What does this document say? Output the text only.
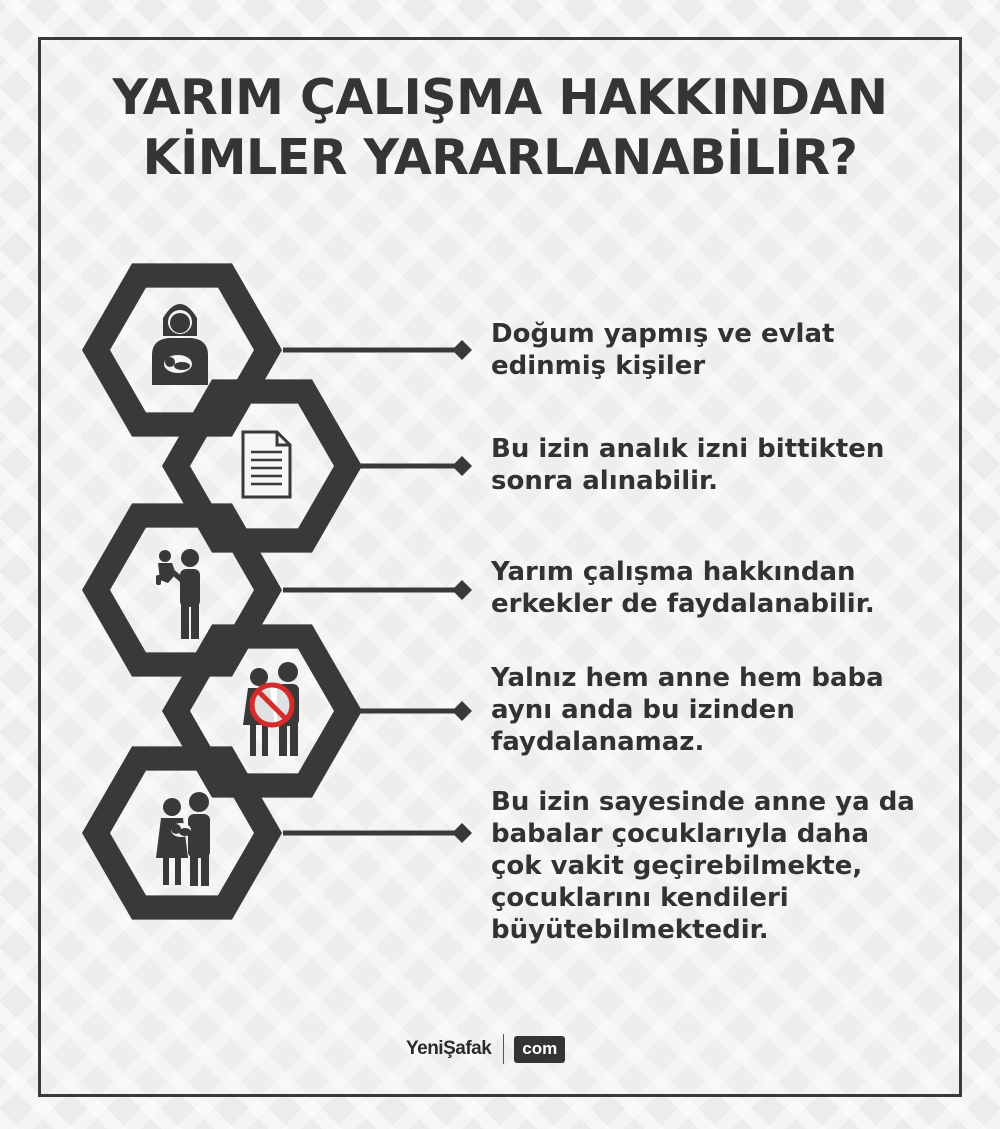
YARIM ÇALIŞMA HAKKINDAN
KİMLER YARARLANABİLİR?
Doğum yapmış ve evlat
edinmiş kişiler
Bu izin analık izni bittikten
sonra alınabilir.
Yarım çalışma hakkından
erkekler de faydalanabilir.
Yalnız hem anne hem baba
aynı anda bu izinden
faydalanamaz.
Bu izin sayesinde anne ya da
babalar çocuklarıyla daha
çok vakit geçirebilmekte,
çocuklarını kendileri
büyütebilmektedir.
YeniŞafak	com
